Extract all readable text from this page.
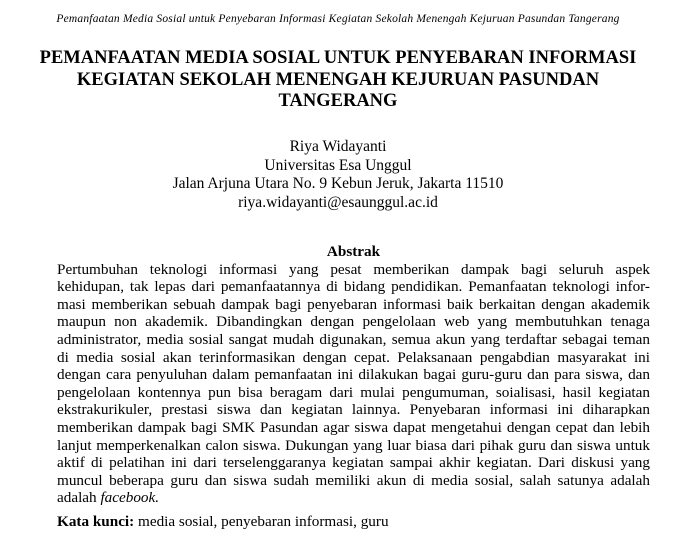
Pemanfaatan Media Sosial untuk Penyebaran Informasi Kegiatan Sekolah Menengah Kejuruan Pasundan Tangerang
PEMANFAATAN MEDIA SOSIAL UNTUK PENYEBARAN INFORMASI
KEGIATAN SEKOLAH MENENGAH KEJURUAN PASUNDAN
TANGERANG
Riya Widayanti
Universitas Esa Unggul
Jalan Arjuna Utara No. 9 Kebun Jeruk, Jakarta 11510
riya.widayanti@esaunggul.ac.id
Abstrak
Pertumbuhan teknologi informasi yang pesat memberikan dampak bagi seluruh aspek
kehidupan, tak lepas dari pemanfaatannya di bidang pendidikan. Pemanfaatan teknologi infor-
masi memberikan sebuah dampak bagi penyebaran informasi baik berkaitan dengan akademik
maupun non akademik. Dibandingkan dengan pengelolaan web yang membutuhkan tenaga
administrator, media sosial sangat mudah digunakan, semua akun yang terdaftar sebagai teman
di media sosial akan terinformasikan dengan cepat. Pelaksanaan pengabdian masyarakat ini
dengan cara penyuluhan dalam pemanfaatan ini dilakukan bagai guru-guru dan para siswa, dan
pengelolaan kontennya pun bisa beragam dari mulai pengumuman, soialisasi, hasil kegiatan
ekstrakurikuler, prestasi siswa dan kegiatan lainnya. Penyebaran informasi ini diharapkan
memberikan dampak bagi SMK Pasundan agar siswa dapat mengetahui dengan cepat dan lebih
lanjut memperkenalkan calon siswa. Dukungan yang luar biasa dari pihak guru dan siswa untuk
aktif di pelatihan ini dari terselenggaranya kegiatan sampai akhir kegiatan. Dari diskusi yang
muncul beberapa guru dan siswa sudah memiliki akun di media sosial, salah satunya adalah
adalah facebook.
Kata kunci: media sosial, penyebaran informasi, guru
